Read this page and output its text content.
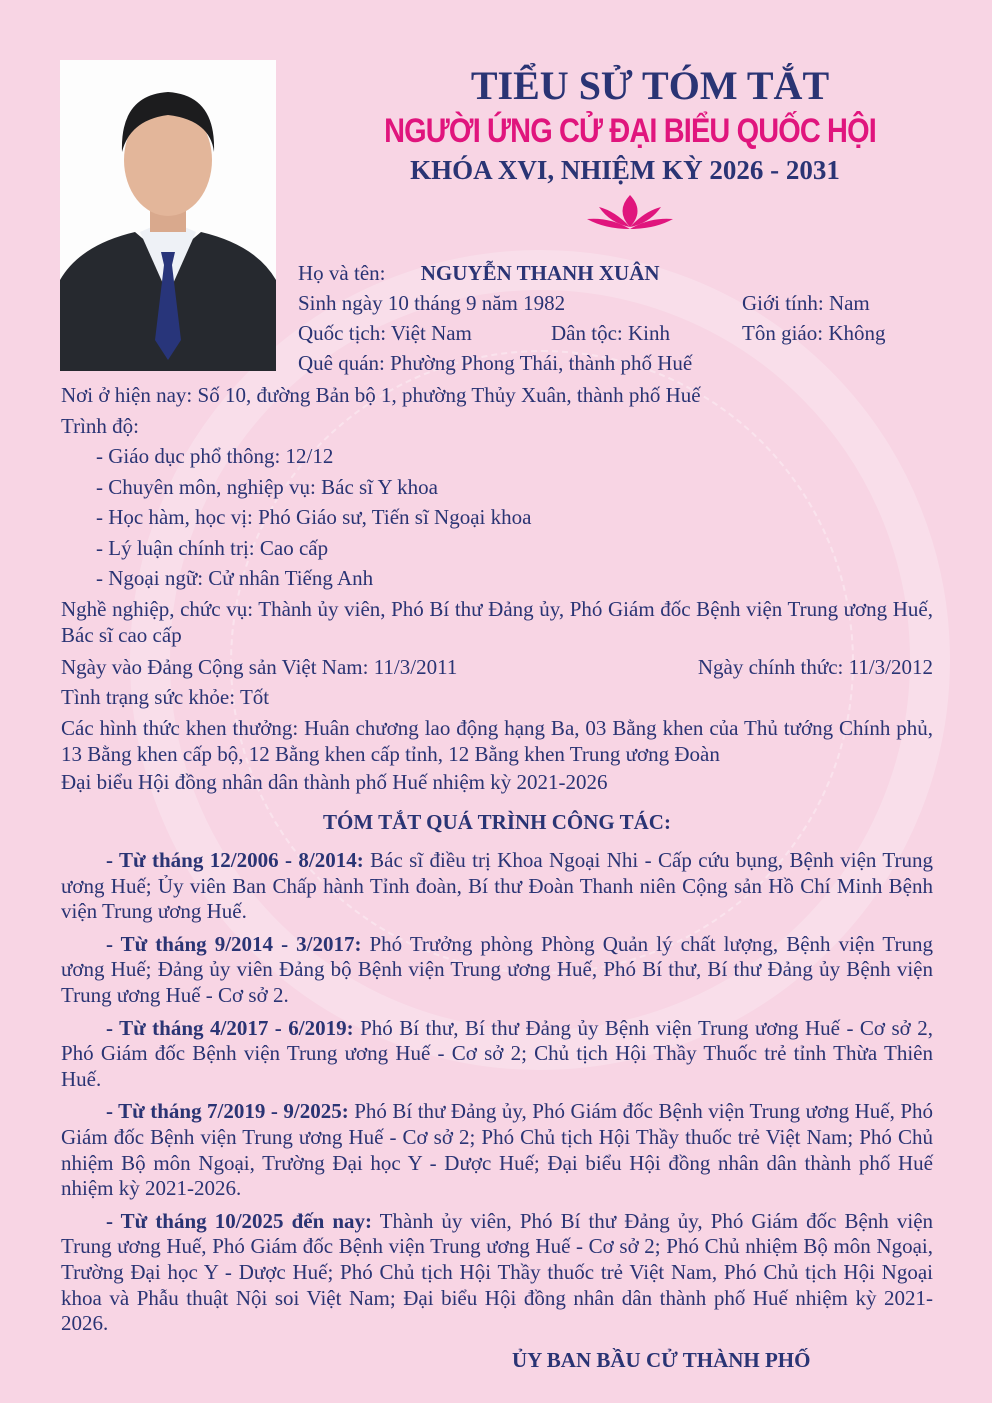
TIỂU SỬ TÓM TẮT
NGƯỜI ỨNG CỬ ĐẠI BIỂU QUỐC HỘI
KHÓA XVI, NHIỆM KỲ 2026 - 2031
Họ và tên: NGUYỄN THANH XUÂN
Sinh ngày 10 tháng 9 năm 1982	Giới tính: Nam
Quốc tịch: Việt Nam	Dân tộc: Kinh	Tôn giáo: Không
Quê quán: Phường Phong Thái, thành phố Huế
Nơi ở hiện nay: Số 10, đường Bản bộ 1, phường Thủy Xuân, thành phố Huế
Trình độ:
- Giáo dục phổ thông: 12/12
- Chuyên môn, nghiệp vụ: Bác sĩ Y khoa
- Học hàm, học vị: Phó Giáo sư, Tiến sĩ Ngoại khoa
- Lý luận chính trị: Cao cấp
- Ngoại ngữ: Cử nhân Tiếng Anh
Nghề nghiệp, chức vụ: Thành ủy viên, Phó Bí thư Đảng ủy, Phó Giám đốc Bệnh viện Trung ương Huế, Bác sĩ cao cấp
Ngày vào Đảng Cộng sản Việt Nam: 11/3/2011	Ngày chính thức: 11/3/2012
Tình trạng sức khỏe: Tốt
Các hình thức khen thưởng: Huân chương lao động hạng Ba, 03 Bằng khen của Thủ tướng Chính phủ, 13 Bằng khen cấp bộ, 12 Bằng khen cấp tỉnh, 12 Bằng khen Trung ương Đoàn
Đại biểu Hội đồng nhân dân thành phố Huế nhiệm kỳ 2021-2026
TÓM TẮT QUÁ TRÌNH CÔNG TÁC:
- Từ tháng 12/2006 - 8/2014: Bác sĩ điều trị Khoa Ngoại Nhi - Cấp cứu bụng, Bệnh viện Trung ương Huế; Ủy viên Ban Chấp hành Tỉnh đoàn, Bí thư Đoàn Thanh niên Cộng sản Hồ Chí Minh Bệnh viện Trung ương Huế.
- Từ tháng 9/2014 - 3/2017: Phó Trưởng phòng Phòng Quản lý chất lượng, Bệnh viện Trung ương Huế; Đảng ủy viên Đảng bộ Bệnh viện Trung ương Huế, Phó Bí thư, Bí thư Đảng ủy Bệnh viện Trung ương Huế - Cơ sở 2.
- Từ tháng 4/2017 - 6/2019: Phó Bí thư, Bí thư Đảng ủy Bệnh viện Trung ương Huế - Cơ sở 2, Phó Giám đốc Bệnh viện Trung ương Huế - Cơ sở 2; Chủ tịch Hội Thầy Thuốc trẻ tỉnh Thừa Thiên Huế.
- Từ tháng 7/2019 - 9/2025: Phó Bí thư Đảng ủy, Phó Giám đốc Bệnh viện Trung ương Huế, Phó Giám đốc Bệnh viện Trung ương Huế - Cơ sở 2; Phó Chủ tịch Hội Thầy thuốc trẻ Việt Nam; Phó Chủ nhiệm Bộ môn Ngoại, Trường Đại học Y - Dược Huế; Đại biểu Hội đồng nhân dân thành phố Huế nhiệm kỳ 2021-2026.
- Từ tháng 10/2025 đến nay: Thành ủy viên, Phó Bí thư Đảng ủy, Phó Giám đốc Bệnh viện Trung ương Huế, Phó Giám đốc Bệnh viện Trung ương Huế - Cơ sở 2; Phó Chủ nhiệm Bộ môn Ngoại, Trường Đại học Y - Dược Huế; Phó Chủ tịch Hội Thầy thuốc trẻ Việt Nam, Phó Chủ tịch Hội Ngoại khoa và Phẫu thuật Nội soi Việt Nam; Đại biểu Hội đồng nhân dân thành phố Huế nhiệm kỳ 2021-2026.
ỦY BAN BẦU CỬ THÀNH PHỐ
